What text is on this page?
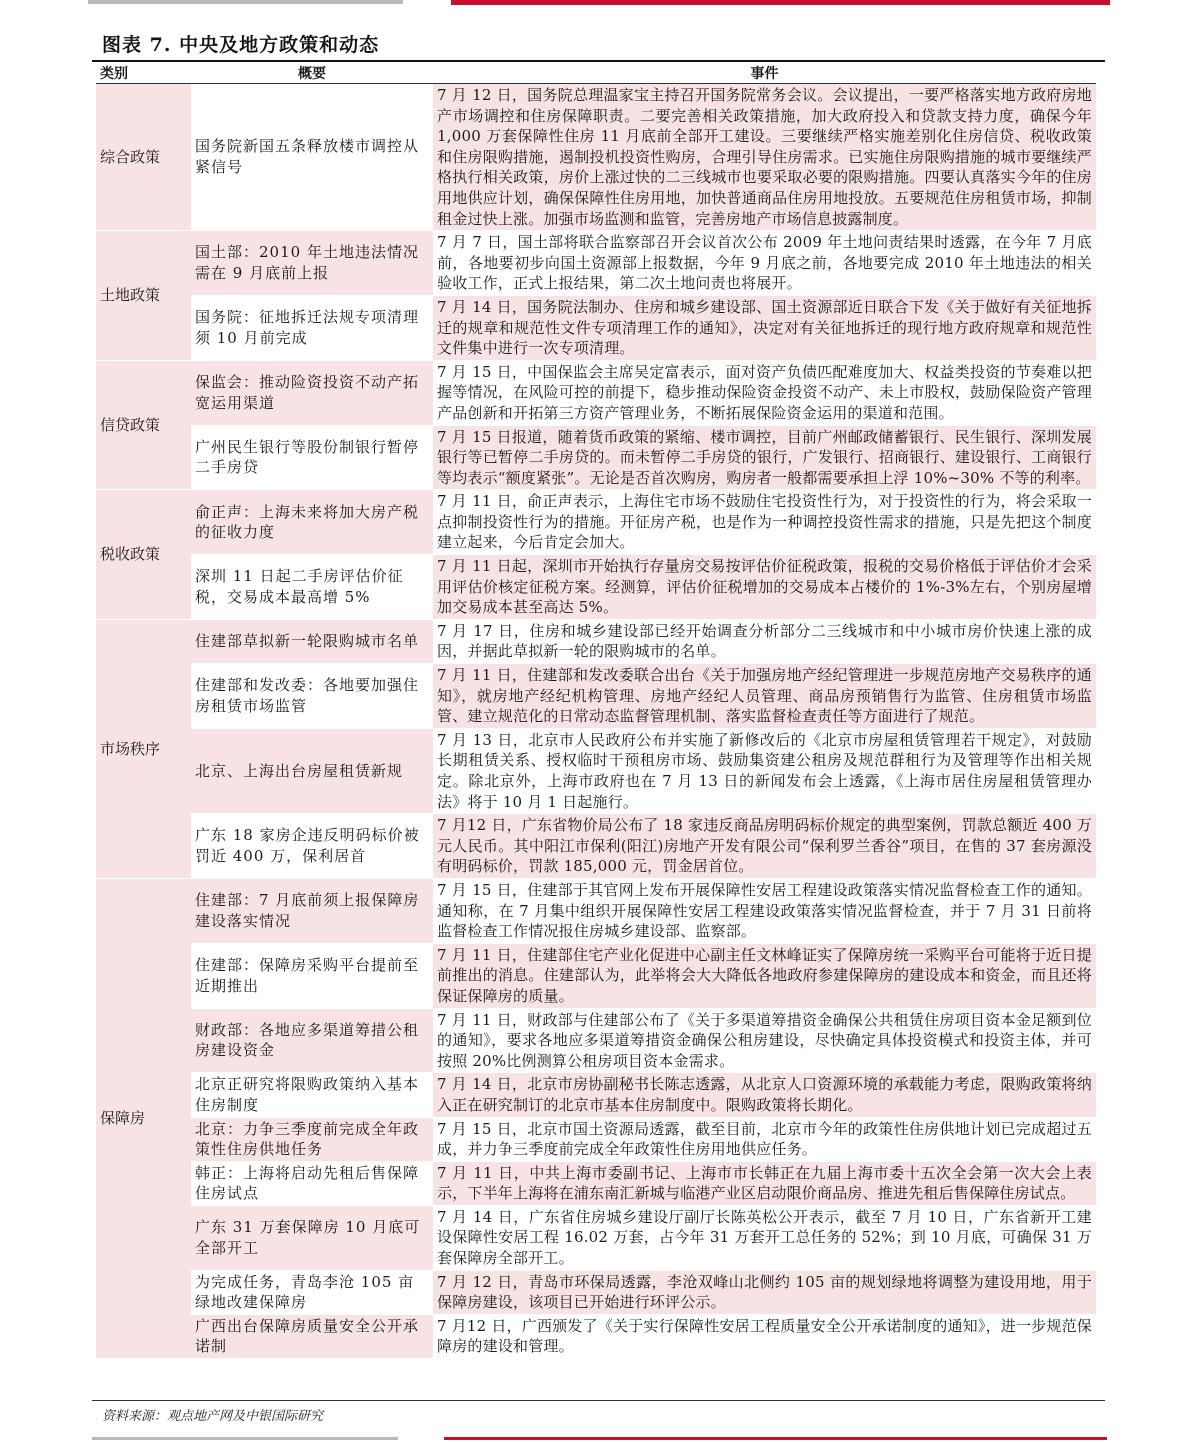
图表 7. 中央及地方政策和动态
类别	概要	事件
综合政策	国务院新国五条释放楼市调控从紧信号	7 月 12 日，国务院总理温家宝主持召开国务院常务会议。会议提出，一要严格落实地方政府房地产市场调控和住房保障职责。二要完善相关政策措施，加大政府投入和贷款支持力度，确保今年 1,000 万套保障性住房 11 月底前全部开工建设。三要继续严格实施差别化住房信贷、税收政策和住房限购措施，遏制投机投资性购房，合理引导住房需求。已实施住房限购措施的城市要继续严格执行相关政策，房价上涨过快的二三线城市也要采取必要的限购措施。四要认真落实今年的住房用地供应计划，确保保障性住房用地，加快普通商品住房用地投放。五要规范住房租赁市场，抑制租金过快上涨。加强市场监测和监管，完善房地产市场信息披露制度。
土地政策	国土部：2010 年土地违法情况需在 9 月底前上报	7 月 7 日，国土部将联合监察部召开会议首次公布 2009 年土地问责结果时透露，在今年 7 月底前，各地要初步向国土资源部上报数据，今年 9 月底之前，各地要完成 2010 年土地违法的相关验收工作，正式上报结果，第二次土地问责也将展开。
	国务院：征地拆迁法规专项清理须 10 月前完成	7 月 14 日，国务院法制办、住房和城乡建设部、国土资源部近日联合下发《关于做好有关征地拆迁的规章和规范性文件专项清理工作的通知》，决定对有关征地拆迁的现行地方政府规章和规范性文件集中进行一次专项清理。
信贷政策	保监会：推动险资投资不动产拓宽运用渠道	7 月 15 日，中国保监会主席吴定富表示，面对资产负债匹配难度加大、权益类投资的节奏难以把握等情况，在风险可控的前提下，稳步推动保险资金投资不动产、未上市股权，鼓励保险资产管理产品创新和开拓第三方资产管理业务，不断拓展保险资金运用的渠道和范围。
	广州民生银行等股份制银行暂停二手房贷	7 月 15 日报道，随着货币政策的紧缩、楼市调控，目前广州邮政储蓄银行、民生银行、深圳发展银行等已暂停二手房贷的。而未暂停二手房贷的银行，广发银行、招商银行、建设银行、工商银行等均表示“额度紧张”。无论是否首次购房，购房者一般都需要承担上浮 10%~30% 不等的利率。
税收政策	俞正声：上海未来将加大房产税的征收力度	7 月 11 日，俞正声表示，上海住宅市场不鼓励住宅投资性行为，对于投资性的行为，将会采取一点抑制投资性行为的措施。开征房产税，也是作为一种调控投资性需求的措施，只是先把这个制度建立起来，今后肯定会加大。
	深圳 11 日起二手房评估价征税，交易成本最高增 5%	7 月 11 日起，深圳市开始执行存量房交易按评估价征税政策，报税的交易价格低于评估价才会采用评估价核定征税方案。经测算，评估价征税增加的交易成本占楼价的 1%-3%左右，个别房屋增加交易成本甚至高达 5%。
市场秩序	住建部草拟新一轮限购城市名单	7 月 17 日，住房和城乡建设部已经开始调查分析部分二三线城市和中小城市房价快速上涨的成因，并据此草拟新一轮的限购城市的名单。
	住建部和发改委：各地要加强住房租赁市场监管	7 月 11 日，住建部和发改委联合出台《关于加强房地产经纪管理进一步规范房地产交易秩序的通知》，就房地产经纪机构管理、房地产经纪人员管理、商品房预销售行为监管、住房租赁市场监管、建立规范化的日常动态监督管理机制、落实监督检查责任等方面进行了规范。
	北京、上海出台房屋租赁新规	7 月 13 日，北京市人民政府公布并实施了新修改后的《北京市房屋租赁管理若干规定》，对鼓励长期租赁关系、授权临时干预租房市场、鼓励集资建公租房及规范群租行为及管理等作出相关规定。除北京外，上海市政府也在 7 月 13 日的新闻发布会上透露，《上海市居住房屋租赁管理办法》将于 10 月 1 日起施行。
	广东 18 家房企违反明码标价被罚近 400 万，保利居首	7 月12 日，广东省物价局公布了 18 家违反商品房明码标价规定的典型案例，罚款总额近 400 万元人民币。其中阳江市保利(阳江)房地产开发有限公司“保利罗兰香谷”项目，在售的 37 套房源没有明码标价，罚款 185,000 元，罚金居首位。
保障房	住建部：7 月底前须上报保障房建设落实情况	7 月 15 日，住建部于其官网上发布开展保障性安居工程建设政策落实情况监督检查工作的通知。通知称，在 7 月集中组织开展保障性安居工程建设政策落实情况监督检查，并于 7 月 31 日前将监督检查工作情况报住房城乡建设部、监察部。
	住建部：保障房采购平台提前至近期推出	7 月 11 日，住建部住宅产业化促进中心副主任文林峰证实了保障房统一采购平台可能将于近日提前推出的消息。住建部认为，此举将会大大降低各地政府参建保障房的建设成本和资金，而且还将保证保障房的质量。
	财政部：各地应多渠道筹措公租房建设资金	7 月 11 日，财政部与住建部公布了《关于多渠道筹措资金确保公共租赁住房项目资本金足额到位的通知》，要求各地应多渠道筹措资金确保公租房建设，尽快确定具体投资模式和投资主体，并可按照 20%比例测算公租房项目资本金需求。
	北京正研究将限购政策纳入基本住房制度	7 月 14 日，北京市房协副秘书长陈志透露，从北京人口资源环境的承载能力考虑，限购政策将纳入正在研究制订的北京市基本住房制度中。限购政策将长期化。
	北京：力争三季度前完成全年政策性住房供地任务	7 月 15 日，北京市国土资源局透露，截至目前，北京市今年的政策性住房供地计划已完成超过五成，并力争三季度前完成全年政策性住房用地供应任务。
	韩正：上海将启动先租后售保障住房试点	7 月 11 日，中共上海市委副书记、上海市市长韩正在九届上海市委十五次全会第一次大会上表示，下半年上海将在浦东南汇新城与临港产业区启动限价商品房、推进先租后售保障住房试点。
	广东 31 万套保障房 10 月底可全部开工	7 月 14 日，广东省住房城乡建设厅副厅长陈英松公开表示，截至 7 月 10 日，广东省新开工建设保障性安居工程 16.02 万套，占今年 31 万套开工总任务的 52%；到 10 月底，可确保 31 万套保障房全部开工。
	为完成任务，青岛李沧 105 亩绿地改建保障房	7 月 12 日，青岛市环保局透露，李沧双峰山北侧约 105 亩的规划绿地将调整为建设用地，用于保障房建设，该项目已开始进行环评公示。
	广西出台保障房质量安全公开承诺制	7 月12 日，广西颁发了《关于实行保障性安居工程质量安全公开承诺制度的通知》，进一步规范保障房的建设和管理。
资料来源：观点地产网及中银国际研究
